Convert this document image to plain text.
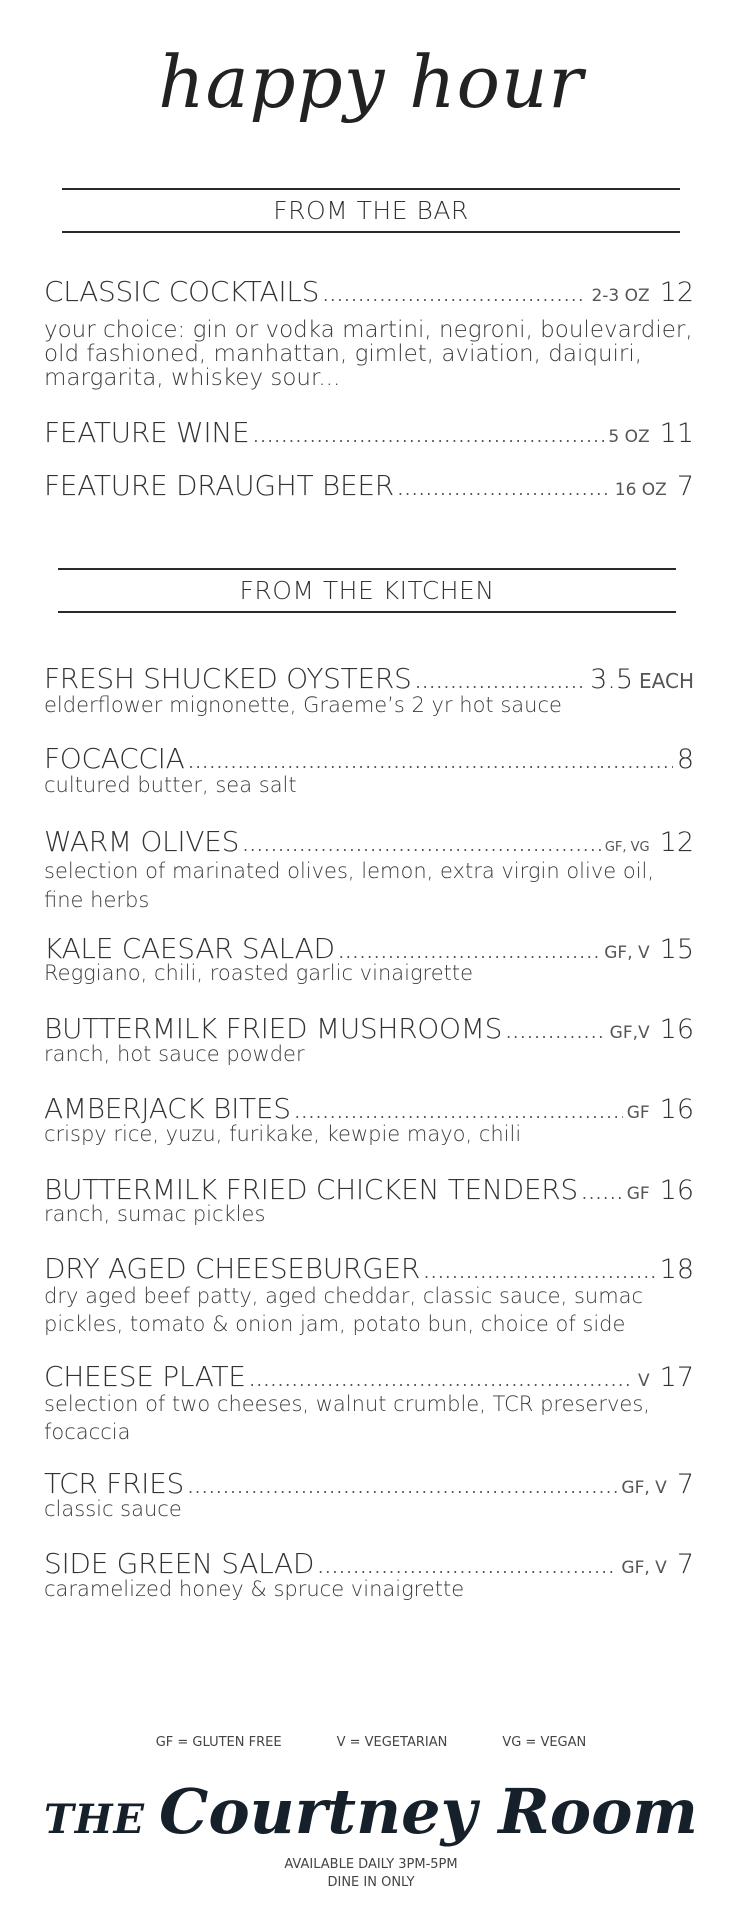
happy hour
FROM THE BAR
CLASSIC COCKTAILS .....	2-3 OZ 12
your choice: gin or vodka martini, negroni, boulevardier, old fashioned, manhattan, gimlet, aviation, daiquiri, margarita, whiskey sour...
FEATURE WINE .....	5 OZ 11
FEATURE DRAUGHT BEER .....	16 OZ 7
FROM THE KITCHEN
FRESH SHUCKED OYSTERS .....	3.5 EACH
elderflower mignonette, Graeme’s 2 yr hot sauce
FOCACCIA .....	8
cultured butter, sea salt
WARM OLIVES .....	GF, VG 12
selection of marinated olives, lemon, extra virgin olive oil, fine herbs
KALE CAESAR SALAD .....	GF, V 15
Reggiano, chili, roasted garlic vinaigrette
BUTTERMILK FRIED MUSHROOMS .....	GF,V 16
ranch, hot sauce powder
AMBERJACK BITES .....	GF 16
crispy rice, yuzu, furikake, kewpie mayo, chili
BUTTERMILK FRIED CHICKEN TENDERS .....	GF 16
ranch, sumac pickles
DRY AGED CHEESEBURGER .....	18
dry aged beef patty, aged cheddar, classic sauce, sumac pickles, tomato & onion jam, potato bun, choice of side
CHEESE PLATE .....	V 17
selection of two cheeses, walnut crumble, TCR preserves, focaccia
TCR FRIES .....	GF, V 7
classic sauce
SIDE GREEN SALAD .....	GF, V 7
caramelized honey & spruce vinaigrette
GF = GLUTEN FREE	V = VEGETARIAN	VG = VEGAN
THE Courtney Room
AVAILABLE DAILY 3PM-5PM
DINE IN ONLY
